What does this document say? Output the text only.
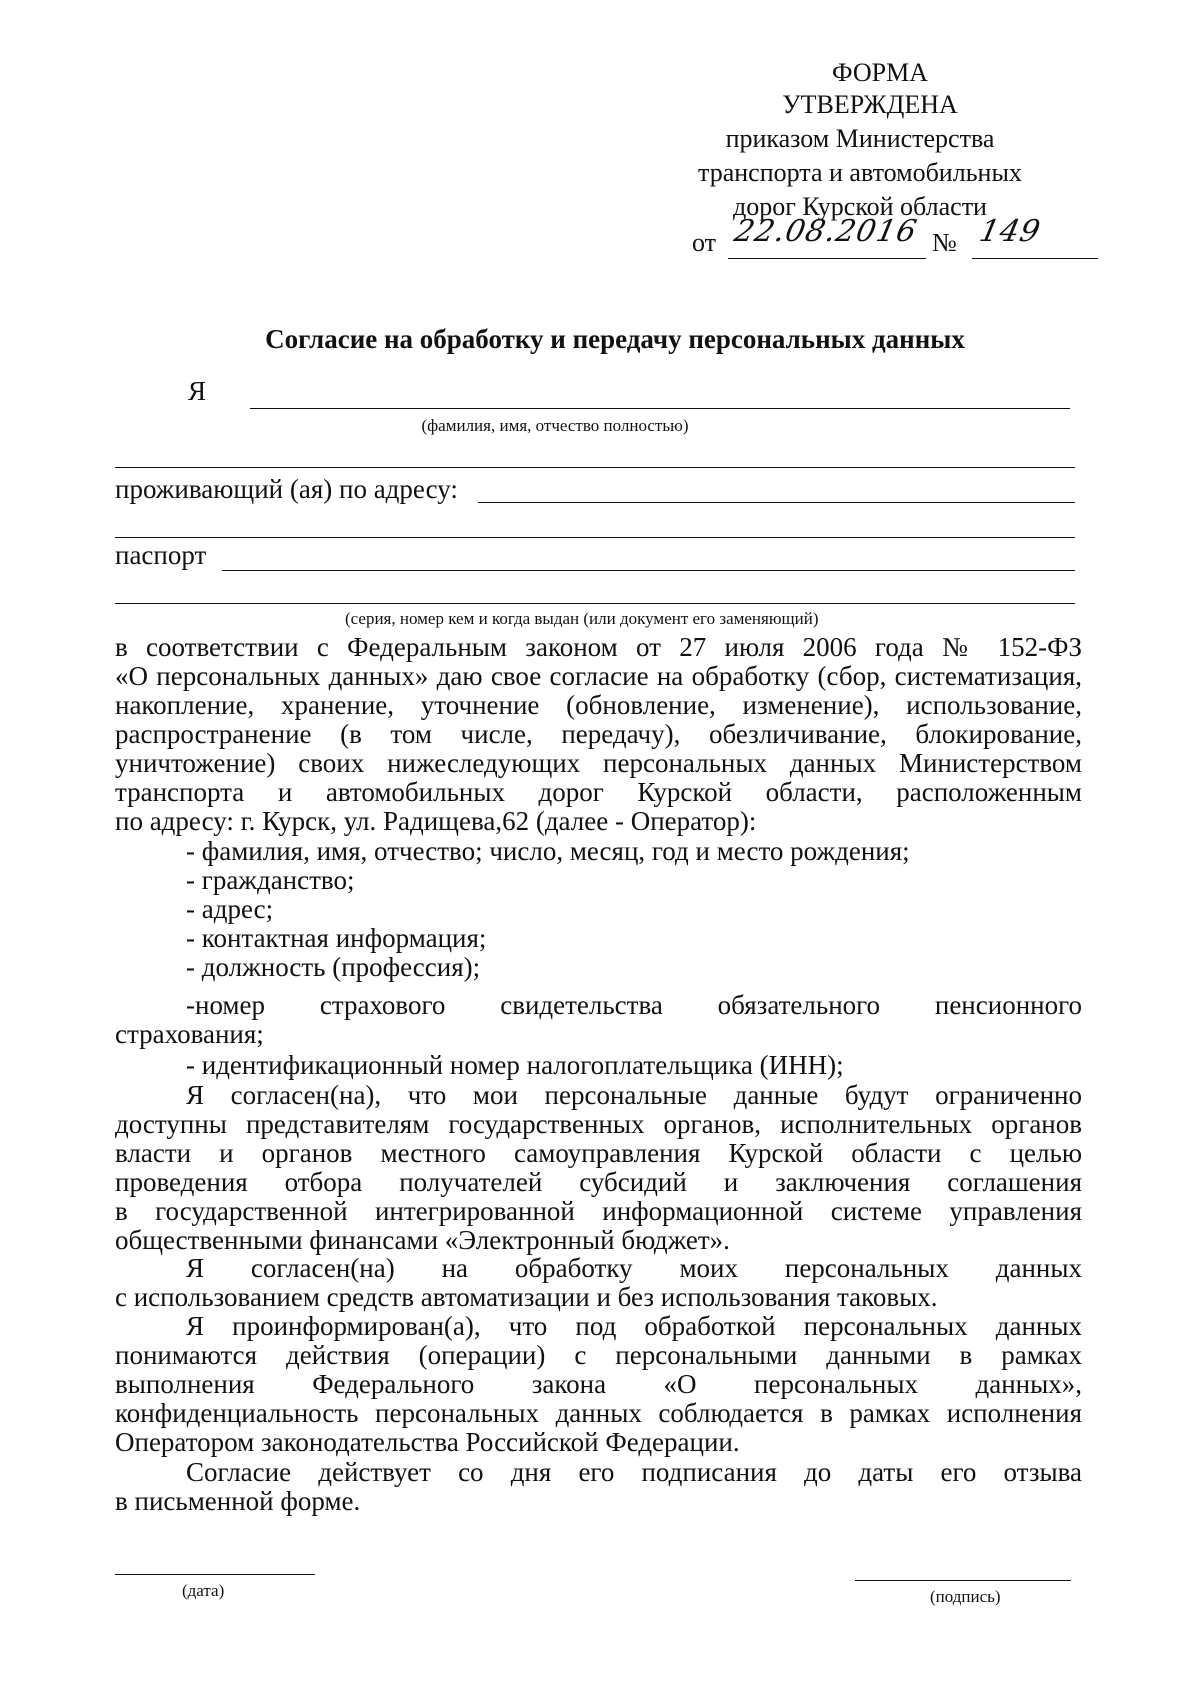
ФОРМА
УТВЕРЖДЕНА
приказом Министерства
транспорта и автомобильных
дорог Курской области
от 22.08.2016 № 149
Согласие на обработку и передачу персональных данных
Я
(фамилия, имя, отчество полностью)
проживающий (ая) по адресу:
паспорт
(серия, номер кем и когда выдан (или документ его заменяющий)
в соответствии с Федеральным законом от 27 июля 2006 года № 152-ФЗ
«О персональных данных» даю свое согласие на обработку (сбор, систематизация,
накопление, хранение, уточнение (обновление, изменение), использование,
распространение (в том числе, передачу), обезличивание, блокирование,
уничтожение) своих нижеследующих персональных данных Министерством
транспорта и автомобильных дорог Курской области, расположенным
по адресу: г. Курск, ул. Радищева,62 (далее - Оператор):
- фамилия, имя, отчество; число, месяц, год и место рождения;
- гражданство;
- адрес;
- контактная информация;
- должность (профессия);
-номер страхового свидетельства обязательного пенсионного
страхования;
- идентификационный номер налогоплательщика (ИНН);
Я согласен(на), что мои персональные данные будут ограниченно
доступны представителям государственных органов, исполнительных органов
власти и органов местного самоуправления Курской области с целью
проведения отбора получателей субсидий и заключения соглашения
в государственной интегрированной информационной системе управления
общественными финансами «Электронный бюджет».
Я согласен(на) на обработку моих персональных данных
с использованием средств автоматизации и без использования таковых.
Я проинформирован(а), что под обработкой персональных данных
понимаются действия (операции) с персональными данными в рамках
выполнения Федерального закона «О персональных данных»,
конфиденциальность персональных данных соблюдается в рамках исполнения
Оператором законодательства Российской Федерации.
Согласие действует со дня его подписания до даты его отзыва
в письменной форме.
(дата)	(подпись)
